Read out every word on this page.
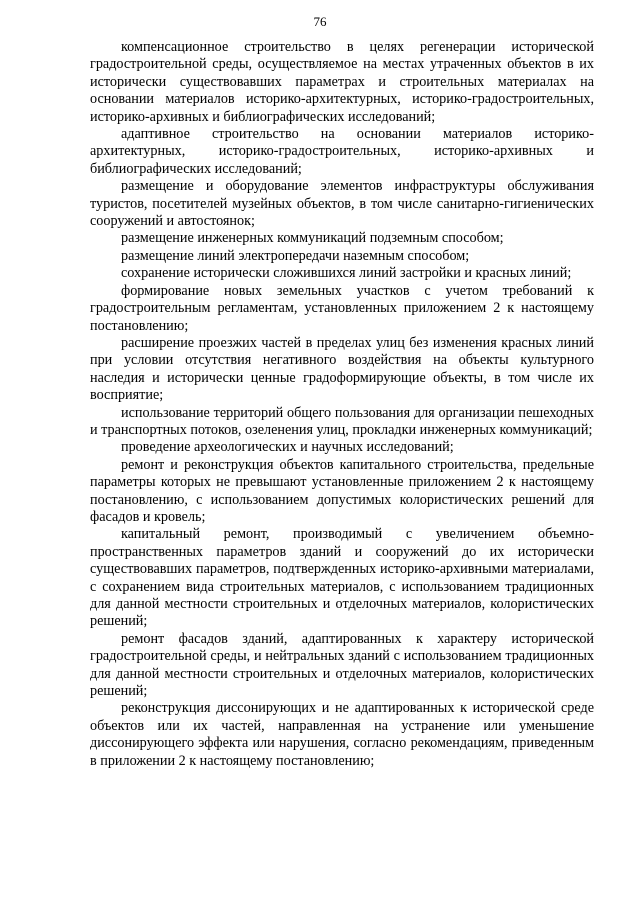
76

компенсационное строительство в целях регенерации исторической градостроительной среды, осуществляемое на местах утраченных объектов в их исторически существовавших параметрах и строительных материалах на основании материалов историко-архитектурных, историко-градостроительных, историко-архивных и библиографических исследований;

адаптивное строительство на основании материалов историко-архитектурных, историко-градостроительных, историко-архивных и библиографических исследований;

размещение и оборудование элементов инфраструктуры обслуживания туристов, посетителей музейных объектов, в том числе санитарно-гигиенических сооружений и автостоянок;

размещение инженерных коммуникаций подземным способом;

размещение линий электропередачи наземным способом;

сохранение исторически сложившихся линий застройки и красных линий;

формирование новых земельных участков с учетом требований к градостроительным регламентам, установленных приложением 2 к настоящему постановлению;

расширение проезжих частей в пределах улиц без изменения красных линий при условии отсутствия негативного воздействия на объекты культурного наследия и исторически ценные градоформирующие объекты, в том числе их восприятие;

использование территорий общего пользования для организации пешеходных и транспортных потоков, озеленения улиц, прокладки инженерных коммуникаций;

проведение археологических и научных исследований;

ремонт и реконструкция объектов капитального строительства, предельные параметры которых не превышают установленные приложением 2 к настоящему постановлению, с использованием допустимых колористических решений для фасадов и кровель;

капитальный ремонт, производимый с увеличением объемно-пространственных параметров зданий и сооружений до их исторически существовавших параметров, подтвержденных историко-архивными материалами, с сохранением вида строительных материалов, с использованием традиционных для данной местности строительных и отделочных материалов, колористических решений;

ремонт фасадов зданий, адаптированных к характеру исторической градостроительной среды, и нейтральных зданий с использованием традиционных для данной местности строительных и отделочных материалов, колористических решений;

реконструкция диссонирующих и не адаптированных к исторической среде объектов или их частей, направленная на устранение или уменьшение диссонирующего эффекта или нарушения, согласно рекомендациям, приведенным в приложении 2 к настоящему постановлению;
